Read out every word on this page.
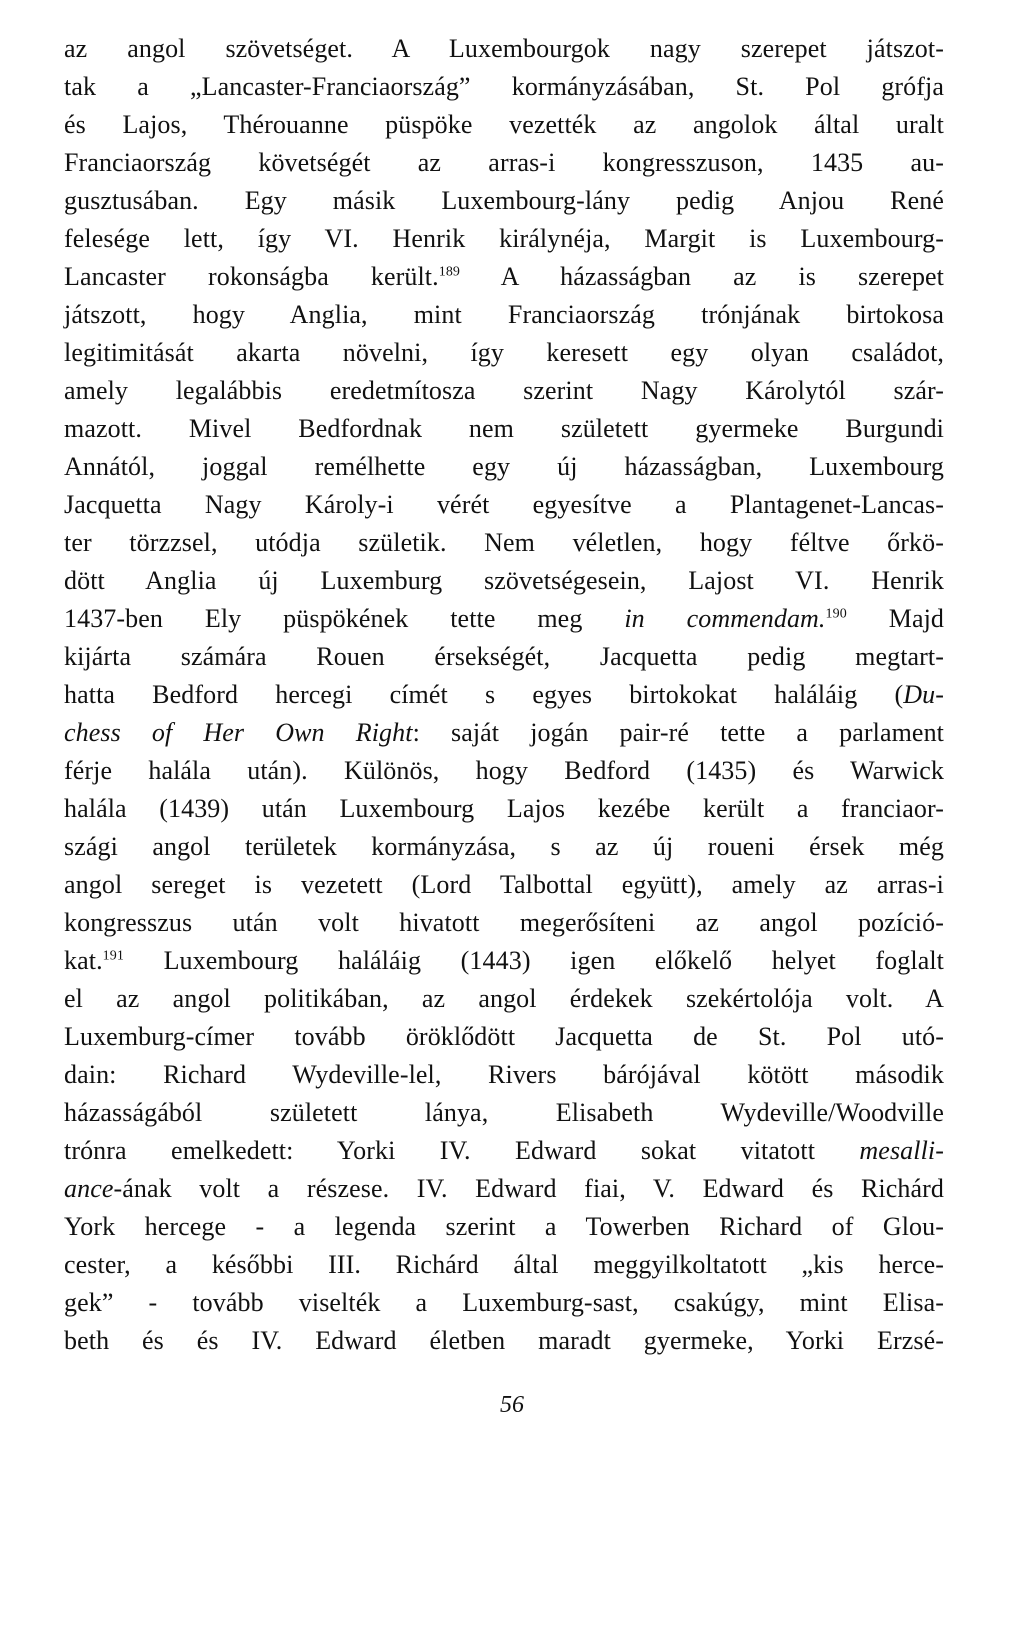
az angol szövetséget. A Luxembourgok nagy szerepet játszot-
tak a „Lancaster-Franciaország” kormányzásában, St. Pol grófja
és Lajos, Thérouanne püspöke vezették az angolok által uralt
Franciaország követségét az arras-i kongresszuson, 1435 au-
gusztusában. Egy másik Luxembourg-lány pedig Anjou René
felesége lett, így VI. Henrik királynéja, Margit is Luxembourg-
Lancaster rokonságba került.$^{189}$ A házasságban az is szerepet
játszott, hogy Anglia, mint Franciaország trónjának birtokosa
legitimitását akarta növelni, így keresett egy olyan családot,
amely legalábbis eredetmítosza szerint Nagy Károlytól szár-
mazott. Mivel Bedfordnak nem született gyermeke Burgundi
Annától, joggal remélhette egy új házasságban, Luxembourg
Jacquetta Nagy Károly-i vérét egyesítve a Plantagenet-Lancas-
ter törzzsel, utódja születik. Nem véletlen, hogy féltve őrkö-
dött Anglia új Luxemburg szövetségesein, Lajost VI. Henrik
1437-ben Ely püspökének tette meg in commendam.$^{190}$ Majd
kijárta számára Rouen érsekségét, Jacquetta pedig megtart-
hatta Bedford hercegi címét s egyes birtokokat haláláig (Du-
chess of Her Own Right: saját jogán pair-ré tette a parlament
férje halála után). Különös, hogy Bedford (1435) és Warwick
halála (1439) után Luxembourg Lajos kezébe került a franciaor-
szági angol területek kormányzása, s az új roueni érsek még
angol sereget is vezetett (Lord Talbottal együtt), amely az arras-i
kongresszus után volt hivatott megerősíteni az angol pozíció-
kat.$^{191}$ Luxembourg haláláig (1443) igen előkelő helyet foglalt
el az angol politikában, az angol érdekek szekértolója volt. A
Luxemburg-címer tovább öröklődött Jacquetta de St. Pol utó-
dain: Richard Wydeville-lel, Rivers bárójával kötött második
házasságából született lánya, Elisabeth Wydeville/Woodville
trónra emelkedett: Yorki IV. Edward sokat vitatott mesalli-
ance-ának volt a részese. IV. Edward fiai, V. Edward és Richárd
York hercege - a legenda szerint a Towerben Richard of Glou-
cester, a későbbi III. Richárd által meggyilkoltatott „kis herce-
gek” - tovább viselték a Luxemburg-sast, csakúgy, mint Elisa-
beth és és IV. Edward életben maradt gyermeke, Yorki Erzsé-
56
